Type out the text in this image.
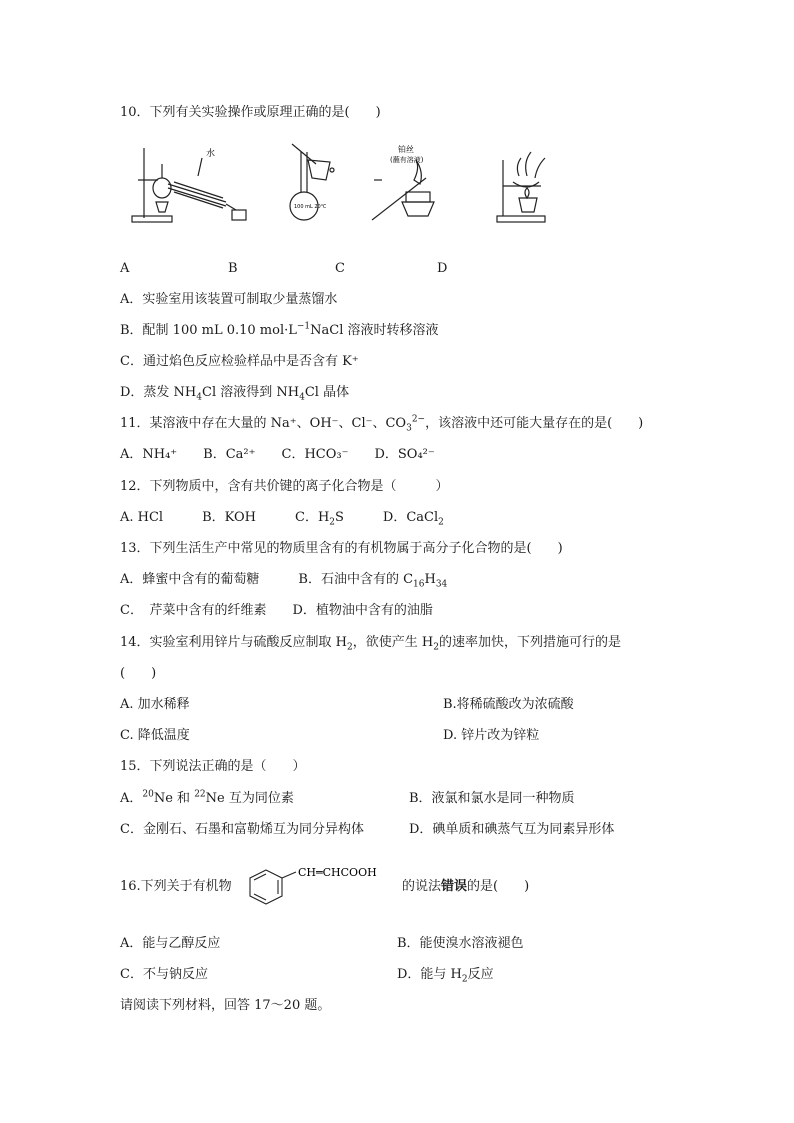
10．下列有关实验操作或原理正确的是(　　)
水
100 mL 20℃
铂丝
(蘸有溶液)
A	B	C	D
A．实验室用该装置可制取少量蒸馏水
B．配制 100 mL 0.10 $mol\cdot L^{-1}NaCl$ 溶液时转移溶液
C．通过焰色反应检验样品中是否含有 K⁺
D．蒸发 $NH_4Cl$ 溶液得到 $NH_4Cl$ 晶体
11．某溶液中存在大量的 Na⁺、OH⁻、Cl⁻、$CO_3^{2-}$，该溶液中还可能大量存在的是(　　)
A．NH₄⁺　　B．Ca²⁺　　C．HCO₃⁻　　D．SO₄²⁻
12．下列物质中，含有共价键的离子化合物是（　　　）
A. HCl　　　B．KOH　　　C．$H_2S$　　　D．CaCl$_2$
13．下列生活生产中常见的物质里含有的有机物属于高分子化合物的是(　　)
A．蜂蜜中含有的葡萄糖　　　B．石油中含有的 $C_{16}H_{34}$
C．　芹菜中含有的纤维素　　D．植物油中含有的油脂
14．实验室利用锌片与硫酸反应制取 $H_2$，欲使产生 $H_2$的速率加快，下列措施可行的是
(　　)
A. 加水稀释	B.将稀硫酸改为浓硫酸
C. 降低温度	D. 锌片改为锌粒
15．下列说法正确的是（　　）
A．$^{20}$Ne 和 $^{22}$Ne 互为同位素	B．液氯和氯水是同一种物质
C．金刚石、石墨和富勒烯互为同分异构体	D．碘单质和碘蒸气互为同素异形体
16.下列关于有机物
CH═CHCOOH
的说法错误的是(　　)
A．能与乙醇反应	B．能使溴水溶液褪色
C．不与钠反应	D．能与 $H_2$反应
请阅读下列材料，回答 17～20 题。
